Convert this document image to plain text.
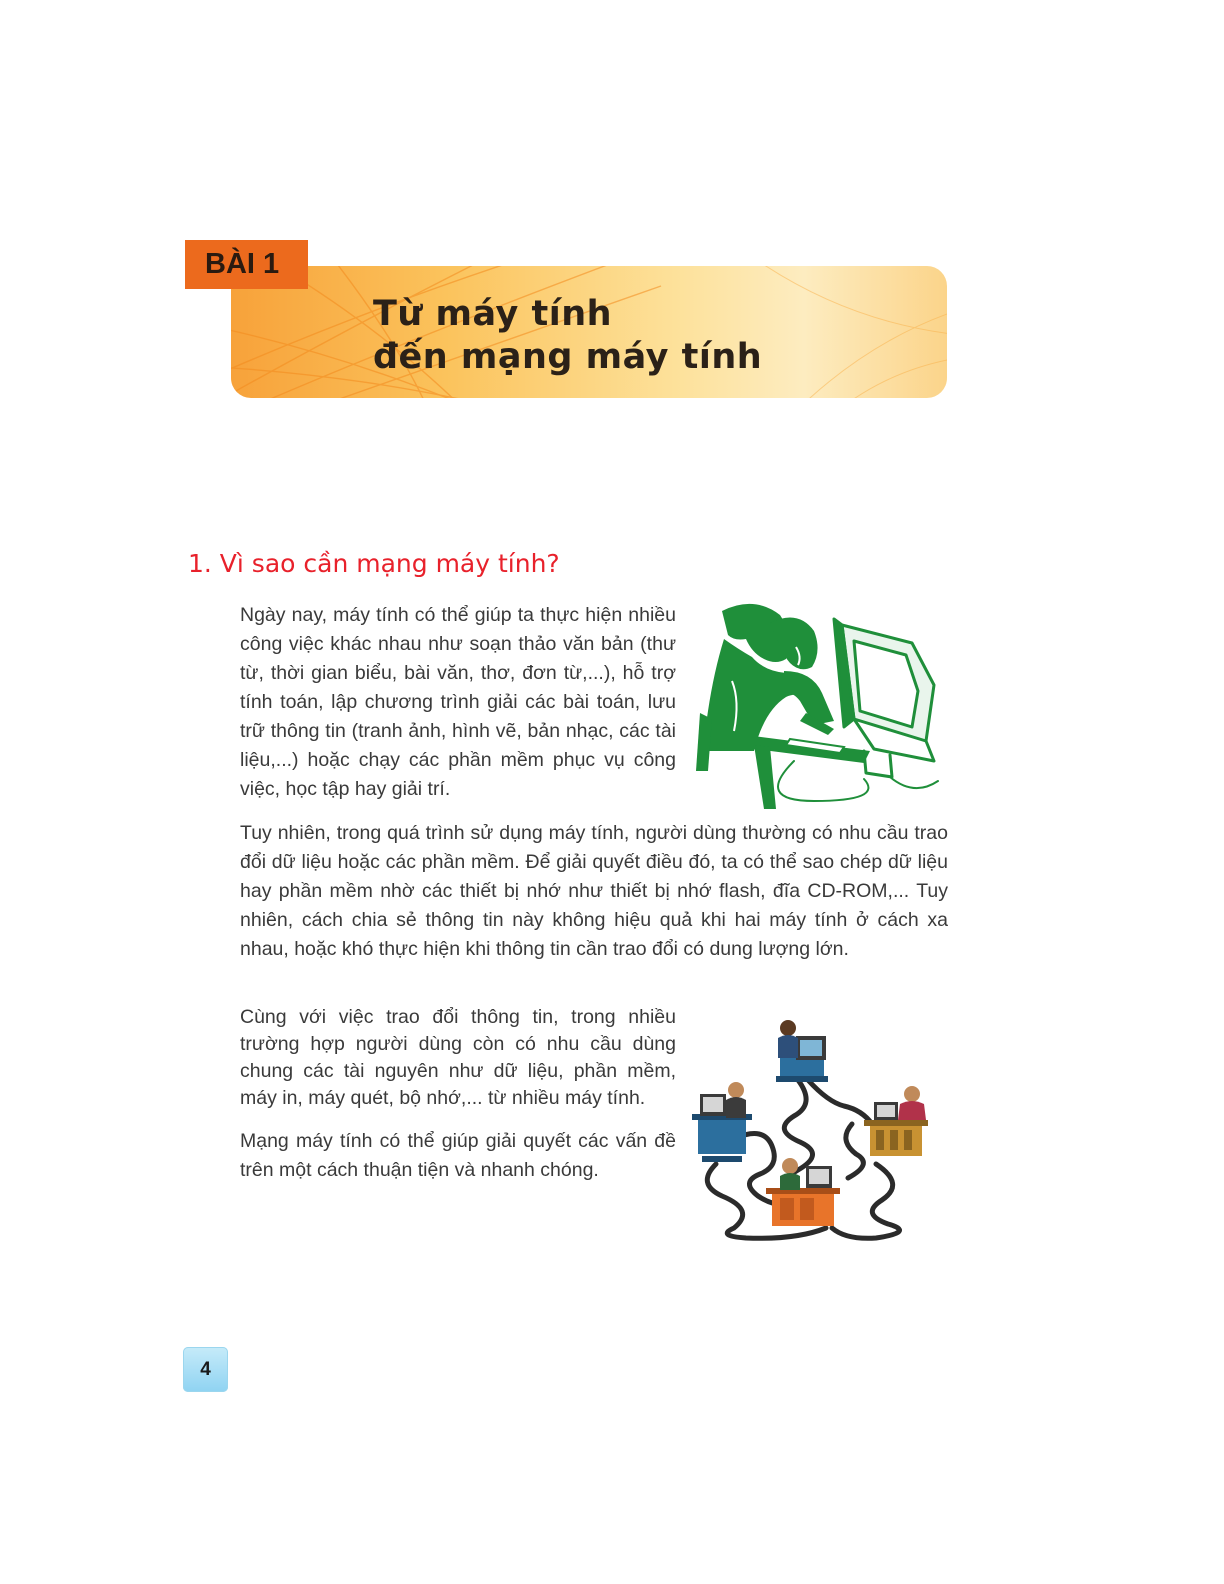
BÀI 1
Từ máy tính
đến mạng máy tính
1. Vì sao cần mạng máy tính?

Ngày nay, máy tính có thể giúp ta thực hiện nhiều công việc khác nhau như soạn thảo văn bản (thư từ, thời gian biểu, bài văn, thơ, đơn từ,...), hỗ trợ tính toán, lập chương trình giải các bài toán, lưu trữ thông tin (tranh ảnh, hình vẽ, bản nhạc, các tài liệu,...) hoặc chạy các phần mềm phục vụ công việc, học tập hay giải trí.

Tuy nhiên, trong quá trình sử dụng máy tính, người dùng thường có nhu cầu trao đổi dữ liệu hoặc các phần mềm. Để giải quyết điều đó, ta có thể sao chép dữ liệu hay phần mềm nhờ các thiết bị nhớ như thiết bị nhớ flash, đĩa CD-ROM,... Tuy nhiên, cách chia sẻ thông tin này không hiệu quả khi hai máy tính ở cách xa nhau, hoặc khó thực hiện khi thông tin cần trao đổi có dung lượng lớn.

Cùng với việc trao đổi thông tin, trong nhiều trường hợp người dùng còn có nhu cầu dùng chung các tài nguyên như dữ liệu, phần mềm, máy in, máy quét, bộ nhớ,... từ nhiều máy tính.

Mạng máy tính có thể giúp giải quyết các vấn đề trên một cách thuận tiện và nhanh chóng.

4
